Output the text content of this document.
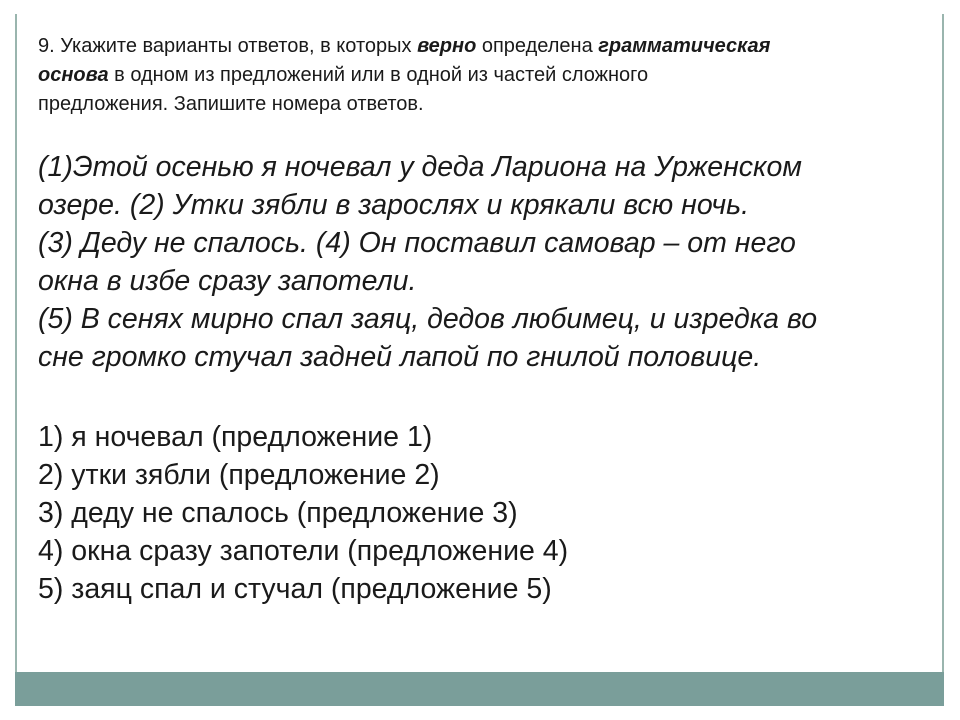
9. Укажите варианты ответов, в которых верно определена грамматическая
основа в одном из предложений или в одной из частей сложного
предложения. Запишите номера ответов.
(1)Этой осенью я ночевал у деда Лариона на Урженском
озере. (2) Утки зябли в зарослях и крякали всю ночь.
(3) Деду не спалось. (4) Он поставил самовар – от него
окна в избе сразу запотели.
(5) В сенях мирно спал заяц, дедов любимец, и изредка во
сне громко стучал задней лапой по гнилой половице.
1) я ночевал (предложение 1)
2) утки зябли (предложение 2)
3) деду не спалось (предложение 3)
4) окна сразу запотели (предложение 4)
5) заяц спал и стучал (предложение 5)
